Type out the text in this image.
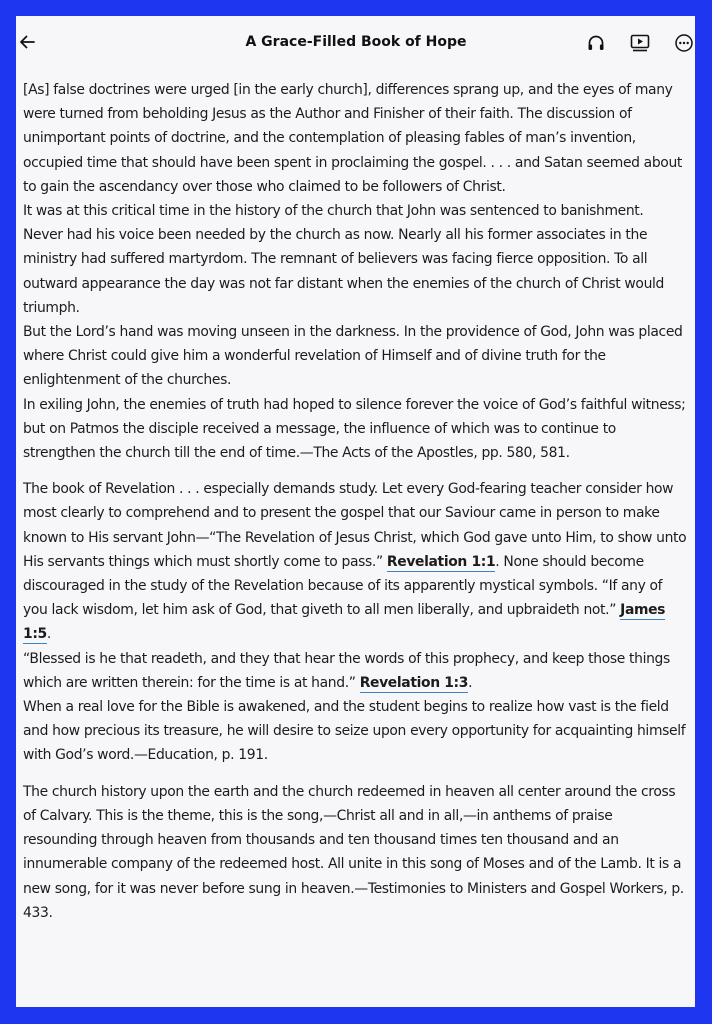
A Grace-Filled Book of Hope

[As] false doctrines were urged [in the early church], differences sprang up, and the eyes of many were turned from beholding Jesus as the Author and Finisher of their faith. The discussion of unimportant points of doctrine, and the contemplation of pleasing fables of man’s invention, occupied time that should have been spent in proclaiming the gospel. . . . and Satan seemed about to gain the ascendancy over those who claimed to be followers of Christ.

It was at this critical time in the history of the church that John was sentenced to banishment. Never had his voice been needed by the church as now. Nearly all his former associates in the ministry had suffered martyrdom. The remnant of believers was facing fierce opposition. To all outward appearance the day was not far distant when the enemies of the church of Christ would triumph.

But the Lord’s hand was moving unseen in the darkness. In the providence of God, John was placed where Christ could give him a wonderful revelation of Himself and of divine truth for the enlightenment of the churches.

In exiling John, the enemies of truth had hoped to silence forever the voice of God’s faithful witness; but on Patmos the disciple received a message, the influence of which was to continue to strengthen the church till the end of time.—The Acts of the Apostles, pp. 580, 581.

The book of Revelation . . . especially demands study. Let every God-fearing teacher consider how most clearly to comprehend and to present the gospel that our Saviour came in person to make known to His servant John—“The Revelation of Jesus Christ, which God gave unto Him, to show unto His servants things which must shortly come to pass.” Revelation 1:1. None should become discouraged in the study of the Revelation because of its apparently mystical symbols. “If any of you lack wisdom, let him ask of God, that giveth to all men liberally, and upbraideth not.” James 1:5.

“Blessed is he that readeth, and they that hear the words of this prophecy, and keep those things which are written therein: for the time is at hand.” Revelation 1:3.

When a real love for the Bible is awakened, and the student begins to realize how vast is the field and how precious its treasure, he will desire to seize upon every opportunity for acquainting himself with God’s word.—Education, p. 191.

The church history upon the earth and the church redeemed in heaven all center around the cross of Calvary. This is the theme, this is the song,—Christ all and in all,—in anthems of praise resounding through heaven from thousands and ten thousand times ten thousand and an innumerable company of the redeemed host. All unite in this song of Moses and of the Lamb. It is a new song, for it was never before sung in heaven.—Testimonies to Ministers and Gospel Workers, p. 433.
